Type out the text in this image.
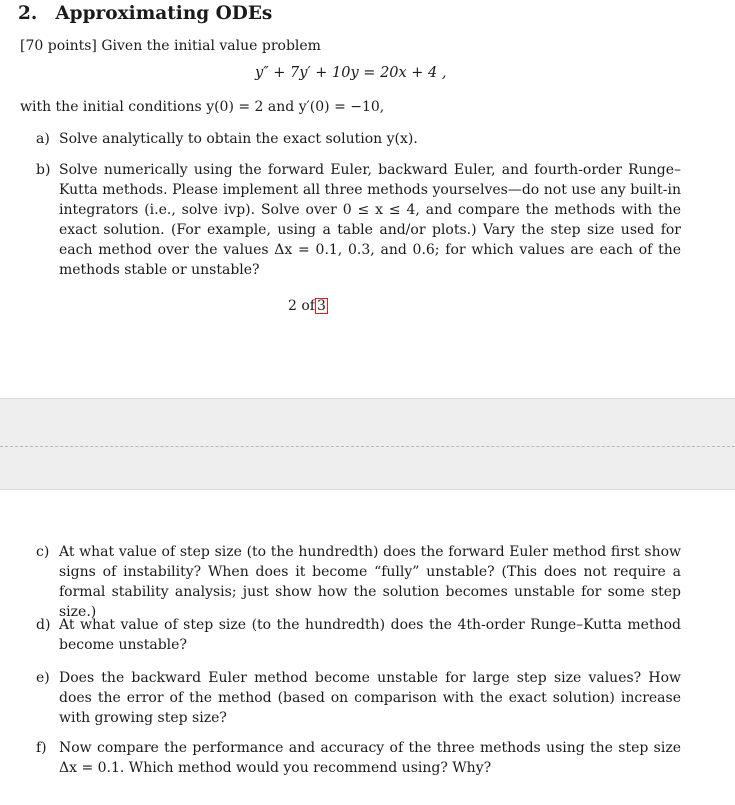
2. Approximating ODEs
[70 points] Given the initial value problem
y″ + 7y′ + 10y = 20x + 4 ,
with the initial conditions y(0) = 2 and y′(0) = −10,
a) Solve analytically to obtain the exact solution y(x).
b) Solve numerically using the forward Euler, backward Euler, and fourth-order Runge–Kutta methods. Please implement all three methods yourselves—do not use any built-in integrators (i.e., solve ivp). Solve over 0 ≤ x ≤ 4, and compare the methods with the exact solution. (For example, using a table and/or plots.) Vary the step size used for each method over the values Δx = 0.1, 0.3, and 0.6; for which values are each of the methods stable or unstable?
2 of 3
c) At what value of step size (to the hundredth) does the forward Euler method first show signs of instability? When does it become “fully” unstable? (This does not require a formal stability analysis; just show how the solution becomes unstable for some step size.)
d) At what value of step size (to the hundredth) does the 4th-order Runge–Kutta method become unstable?
e) Does the backward Euler method become unstable for large step size values? How does the error of the method (based on comparison with the exact solution) increase with growing step size?
f) Now compare the performance and accuracy of the three methods using the step size Δx = 0.1. Which method would you recommend using? Why?
